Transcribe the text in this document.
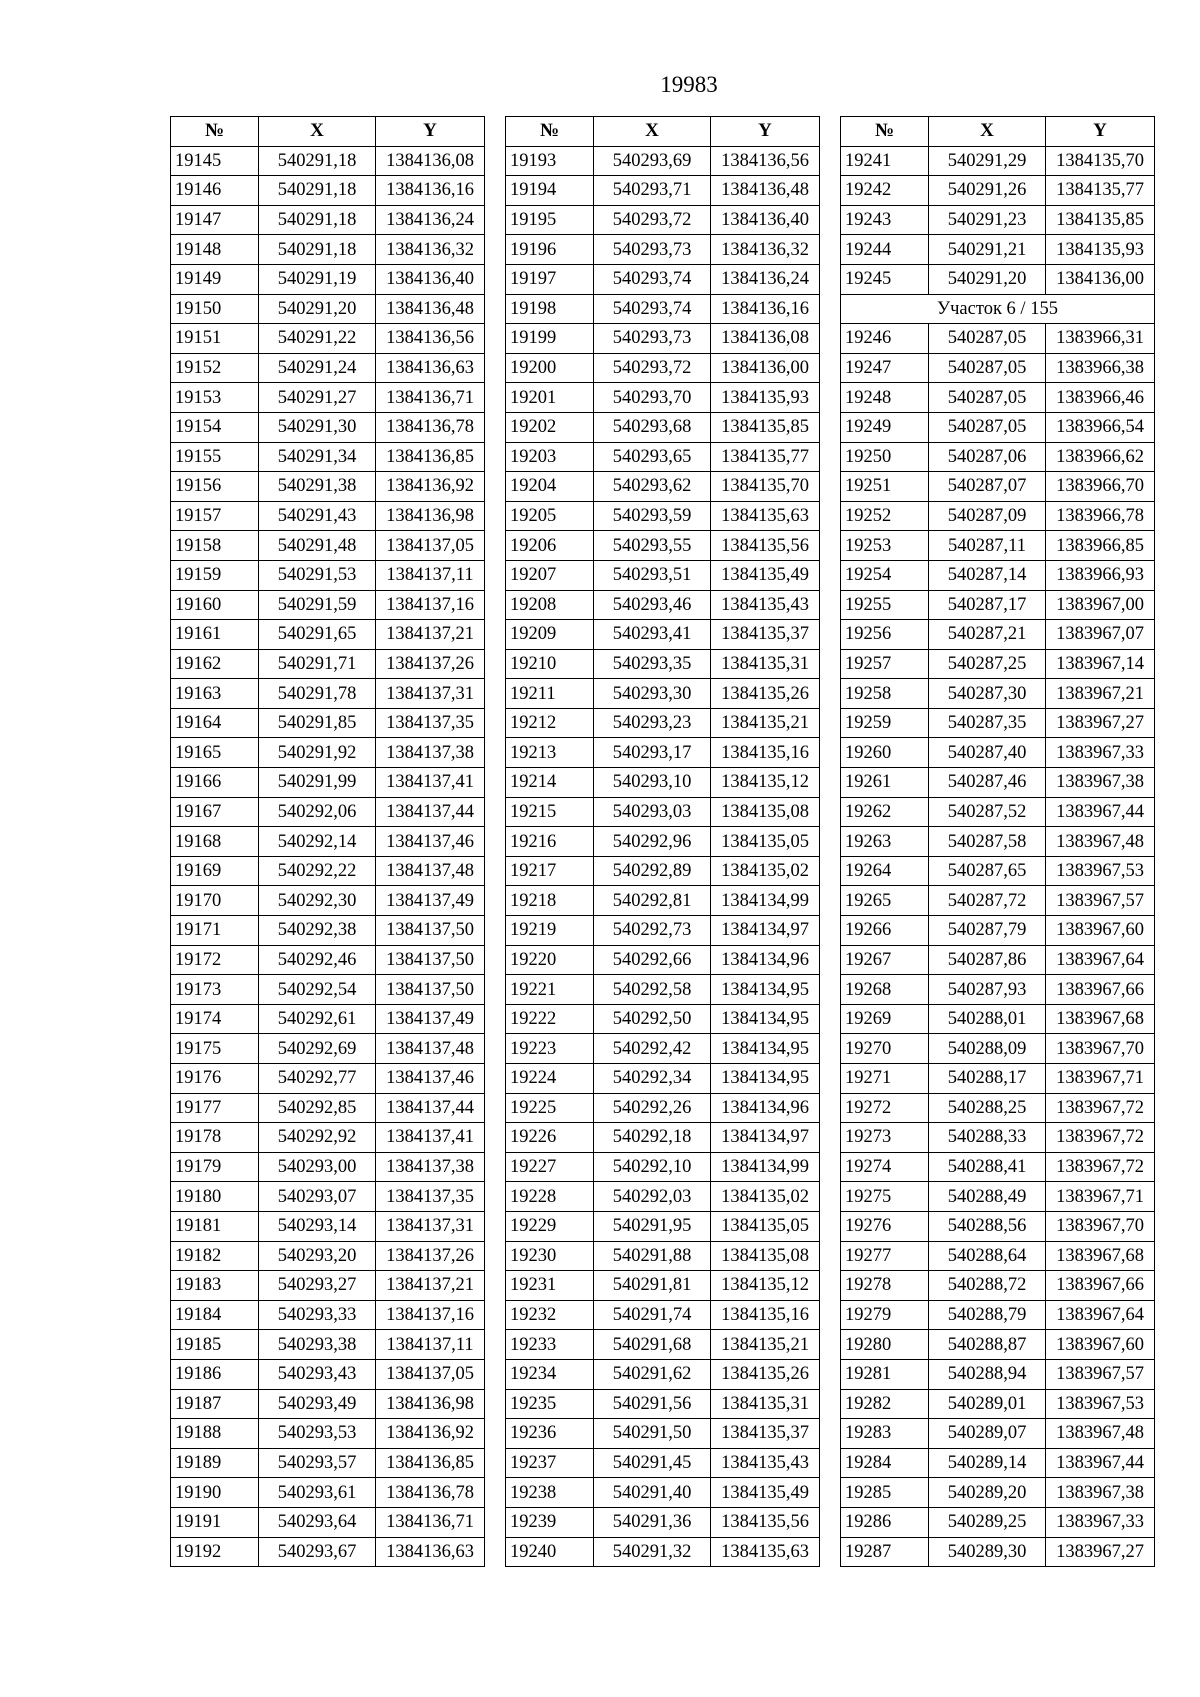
19983
№	X	Y
19145	540291,18	1384136,08
19146	540291,18	1384136,16
19147	540291,18	1384136,24
19148	540291,18	1384136,32
19149	540291,19	1384136,40
19150	540291,20	1384136,48
19151	540291,22	1384136,56
19152	540291,24	1384136,63
19153	540291,27	1384136,71
19154	540291,30	1384136,78
19155	540291,34	1384136,85
19156	540291,38	1384136,92
19157	540291,43	1384136,98
19158	540291,48	1384137,05
19159	540291,53	1384137,11
19160	540291,59	1384137,16
19161	540291,65	1384137,21
19162	540291,71	1384137,26
19163	540291,78	1384137,31
19164	540291,85	1384137,35
19165	540291,92	1384137,38
19166	540291,99	1384137,41
19167	540292,06	1384137,44
19168	540292,14	1384137,46
19169	540292,22	1384137,48
19170	540292,30	1384137,49
19171	540292,38	1384137,50
19172	540292,46	1384137,50
19173	540292,54	1384137,50
19174	540292,61	1384137,49
19175	540292,69	1384137,48
19176	540292,77	1384137,46
19177	540292,85	1384137,44
19178	540292,92	1384137,41
19179	540293,00	1384137,38
19180	540293,07	1384137,35
19181	540293,14	1384137,31
19182	540293,20	1384137,26
19183	540293,27	1384137,21
19184	540293,33	1384137,16
19185	540293,38	1384137,11
19186	540293,43	1384137,05
19187	540293,49	1384136,98
19188	540293,53	1384136,92
19189	540293,57	1384136,85
19190	540293,61	1384136,78
19191	540293,64	1384136,71
19192	540293,67	1384136,63
№	X	Y
19193	540293,69	1384136,56
19194	540293,71	1384136,48
19195	540293,72	1384136,40
19196	540293,73	1384136,32
19197	540293,74	1384136,24
19198	540293,74	1384136,16
19199	540293,73	1384136,08
19200	540293,72	1384136,00
19201	540293,70	1384135,93
19202	540293,68	1384135,85
19203	540293,65	1384135,77
19204	540293,62	1384135,70
19205	540293,59	1384135,63
19206	540293,55	1384135,56
19207	540293,51	1384135,49
19208	540293,46	1384135,43
19209	540293,41	1384135,37
19210	540293,35	1384135,31
19211	540293,30	1384135,26
19212	540293,23	1384135,21
19213	540293,17	1384135,16
19214	540293,10	1384135,12
19215	540293,03	1384135,08
19216	540292,96	1384135,05
19217	540292,89	1384135,02
19218	540292,81	1384134,99
19219	540292,73	1384134,97
19220	540292,66	1384134,96
19221	540292,58	1384134,95
19222	540292,50	1384134,95
19223	540292,42	1384134,95
19224	540292,34	1384134,95
19225	540292,26	1384134,96
19226	540292,18	1384134,97
19227	540292,10	1384134,99
19228	540292,03	1384135,02
19229	540291,95	1384135,05
19230	540291,88	1384135,08
19231	540291,81	1384135,12
19232	540291,74	1384135,16
19233	540291,68	1384135,21
19234	540291,62	1384135,26
19235	540291,56	1384135,31
19236	540291,50	1384135,37
19237	540291,45	1384135,43
19238	540291,40	1384135,49
19239	540291,36	1384135,56
19240	540291,32	1384135,63
№	X	Y
19241	540291,29	1384135,70
19242	540291,26	1384135,77
19243	540291,23	1384135,85
19244	540291,21	1384135,93
19245	540291,20	1384136,00
Участок 6 / 155		
19246	540287,05	1383966,31
19247	540287,05	1383966,38
19248	540287,05	1383966,46
19249	540287,05	1383966,54
19250	540287,06	1383966,62
19251	540287,07	1383966,70
19252	540287,09	1383966,78
19253	540287,11	1383966,85
19254	540287,14	1383966,93
19255	540287,17	1383967,00
19256	540287,21	1383967,07
19257	540287,25	1383967,14
19258	540287,30	1383967,21
19259	540287,35	1383967,27
19260	540287,40	1383967,33
19261	540287,46	1383967,38
19262	540287,52	1383967,44
19263	540287,58	1383967,48
19264	540287,65	1383967,53
19265	540287,72	1383967,57
19266	540287,79	1383967,60
19267	540287,86	1383967,64
19268	540287,93	1383967,66
19269	540288,01	1383967,68
19270	540288,09	1383967,70
19271	540288,17	1383967,71
19272	540288,25	1383967,72
19273	540288,33	1383967,72
19274	540288,41	1383967,72
19275	540288,49	1383967,71
19276	540288,56	1383967,70
19277	540288,64	1383967,68
19278	540288,72	1383967,66
19279	540288,79	1383967,64
19280	540288,87	1383967,60
19281	540288,94	1383967,57
19282	540289,01	1383967,53
19283	540289,07	1383967,48
19284	540289,14	1383967,44
19285	540289,20	1383967,38
19286	540289,25	1383967,33
19287	540289,30	1383967,27
